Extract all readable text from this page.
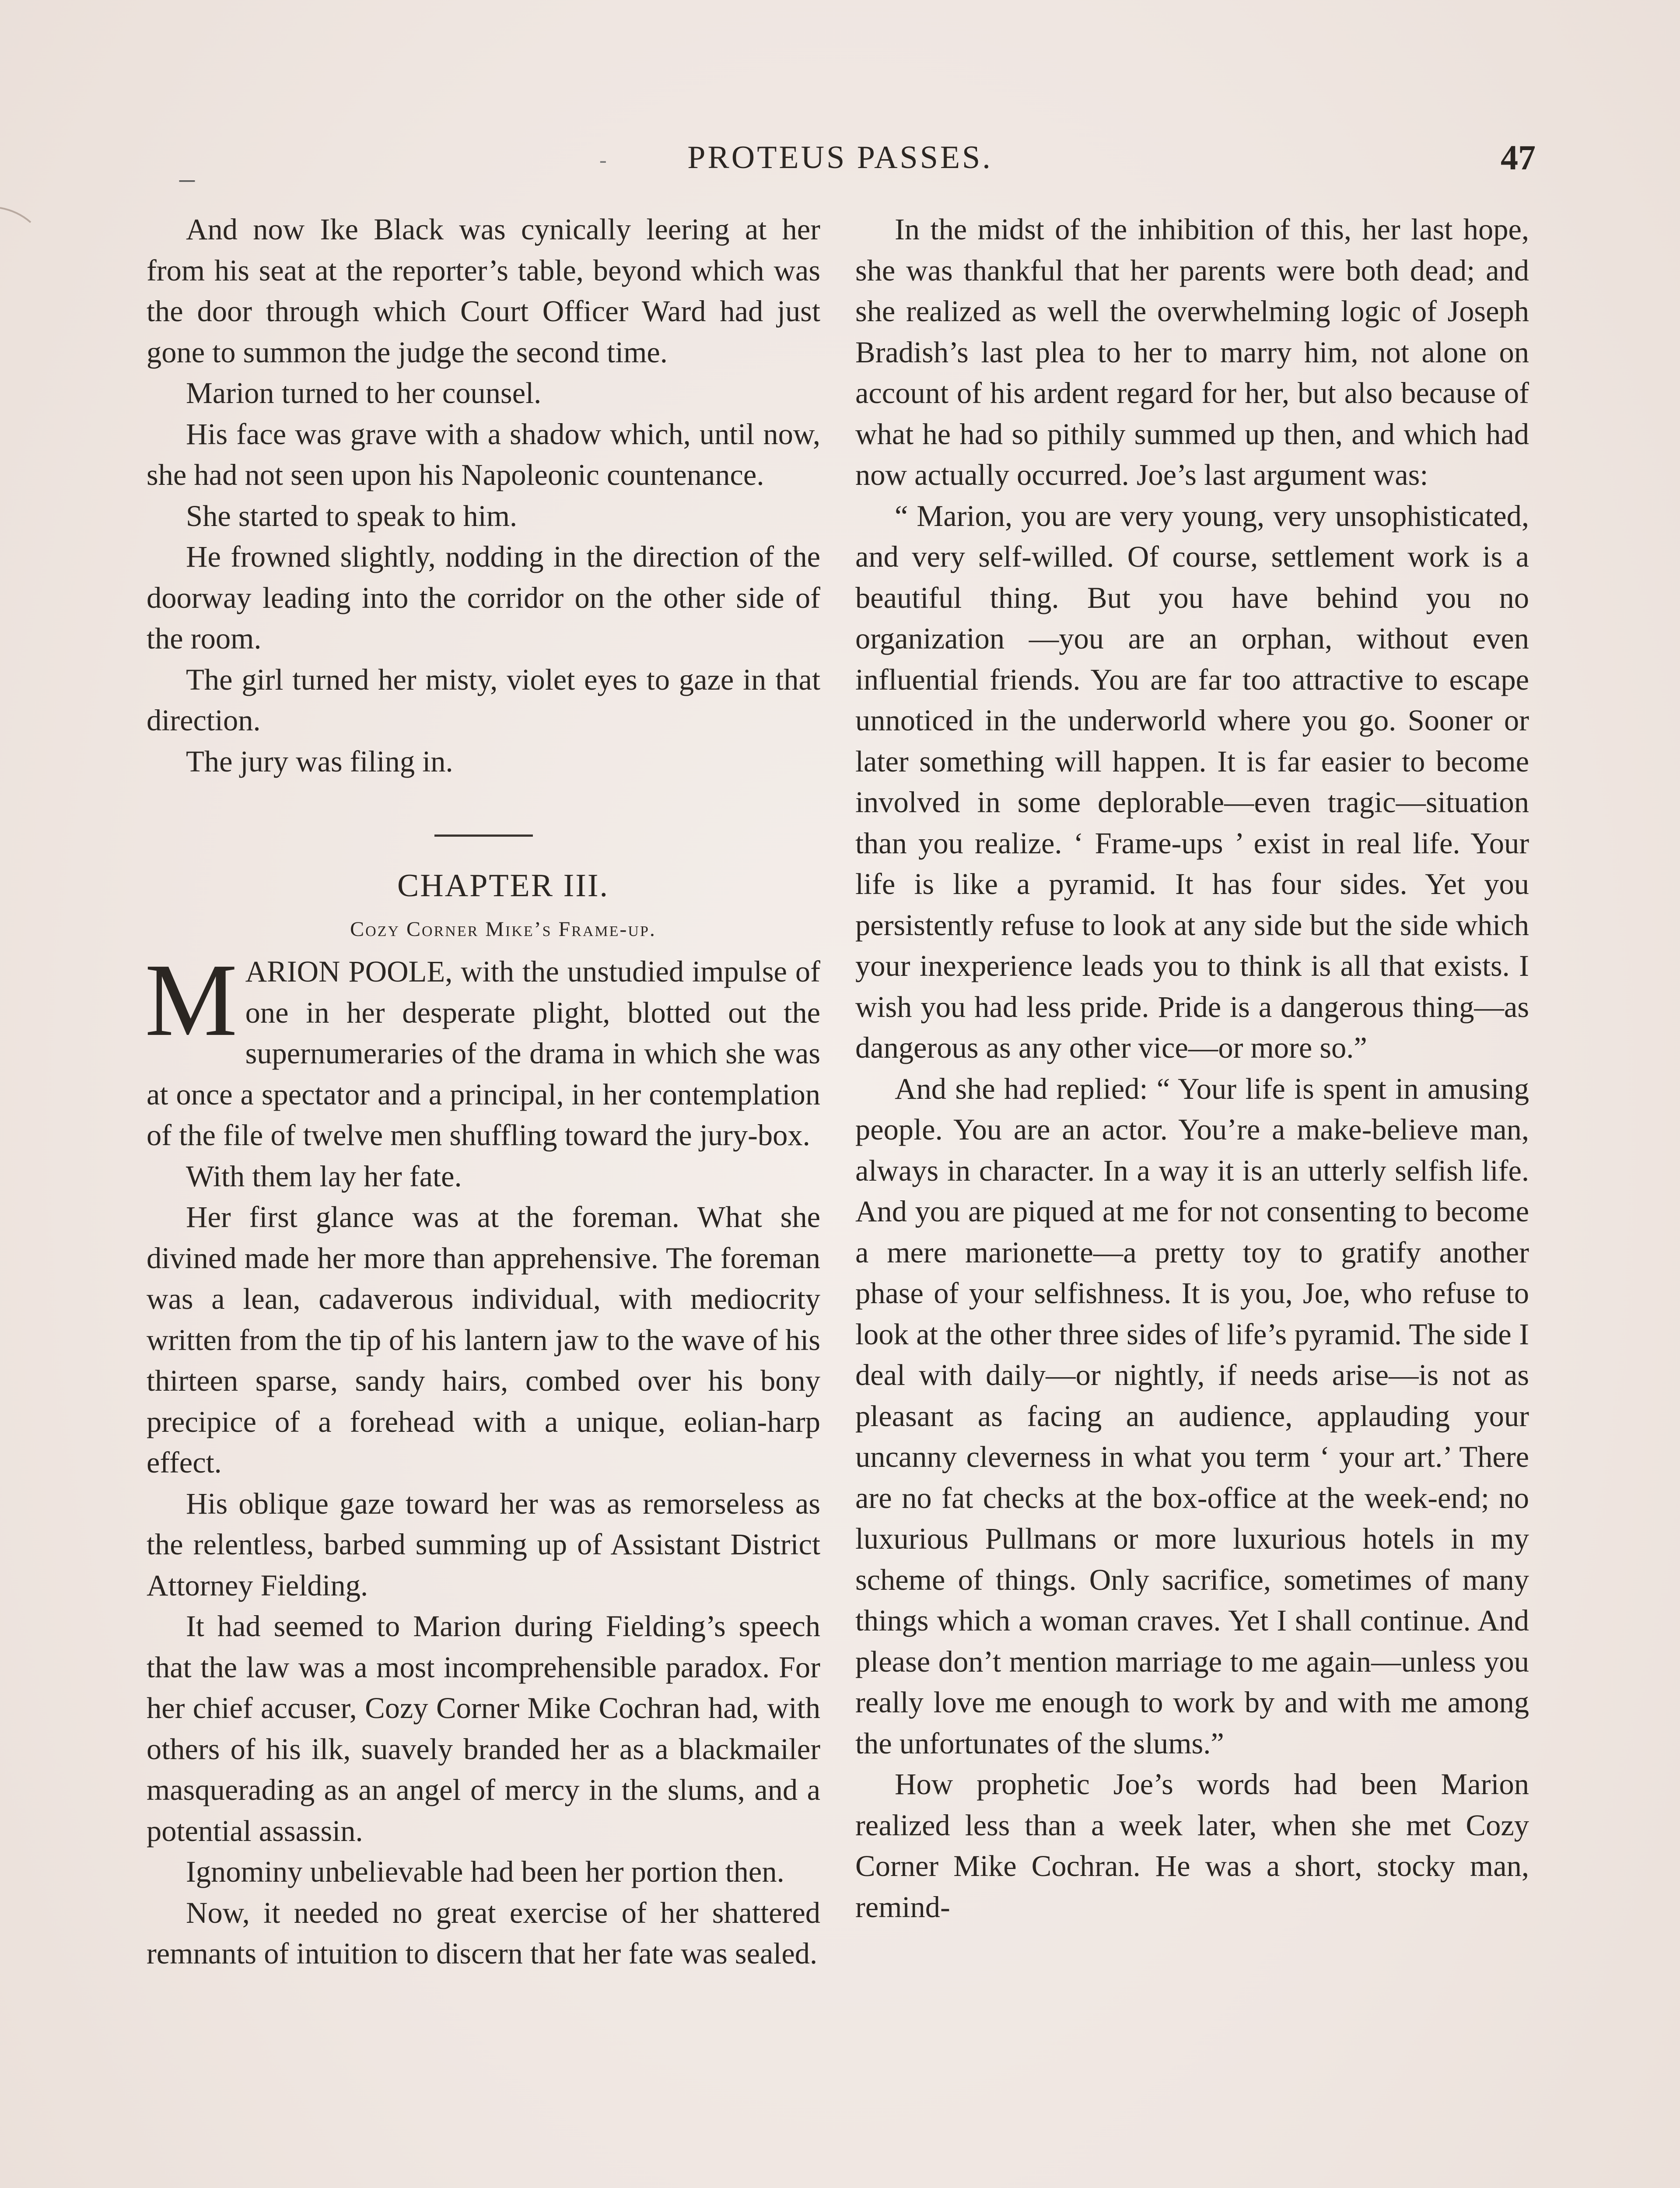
–
-	PROTEUS PASSES.	47

And now Ike Black was cynically leering at her from his seat at the reporter’s table, beyond which was the door through which Court Officer Ward had just gone to summon the judge the second time.

Marion turned to her counsel.

His face was grave with a shadow which, until now, she had not seen upon his Napoleonic countenance.

She started to speak to him.

He frowned slightly, nodding in the direction of the doorway leading into the corridor on the other side of the room.

The girl turned her misty, violet eyes to gaze in that direction.

The jury was filing in.

CHAPTER III.

Cozy Corner Mike’s Frame-up.

MARION POOLE, with the unstudied impulse of one in her desperate plight, blotted out the supernumeraries of the drama in which she was at once a spectator and a principal, in her contemplation of the file of twelve men shuffling toward the jury-box.

With them lay her fate.

Her first glance was at the foreman. What she divined made her more than apprehensive. The foreman was a lean, cadaverous individual, with mediocrity written from the tip of his lantern jaw to the wave of his thirteen sparse, sandy hairs, combed over his bony precipice of a forehead with a unique, eolian-harp effect.

His oblique gaze toward her was as remorseless as the relentless, barbed summing up of Assistant District Attorney Fielding.

It had seemed to Marion during Fielding’s speech that the law was a most incomprehensible paradox. For her chief accuser, Cozy Corner Mike Cochran had, with others of his ilk, suavely branded her as a blackmailer masquerading as an angel of mercy in the slums, and a potential assassin.

Ignominy unbelievable had been her portion then.

Now, it needed no great exercise of her shattered remnants of intuition to discern that her fate was sealed.

In the midst of the inhibition of this, her last hope, she was thankful that her parents were both dead; and she realized as well the overwhelming logic of Joseph Bradish’s last plea to her to marry him, not alone on account of his ardent regard for her, but also because of what he had so pithily summed up then, and which had now actually occurred. Joe’s last argument was:

“ Marion, you are very young, very unsophisticated, and very self-willed. Of course, settlement work is a beautiful thing. But you have behind you no organization —you are an orphan, without even influential friends. You are far too attractive to escape unnoticed in the underworld where you go. Sooner or later something will happen. It is far easier to become involved in some deplorable—even tragic—situation than you realize. ‘ Frame-ups ’ exist in real life. Your life is like a pyramid. It has four sides. Yet you persistently refuse to look at any side but the side which your inexperience leads you to think is all that exists. I wish you had less pride. Pride is a dangerous thing—as dangerous as any other vice—or more so.”

And she had replied: “ Your life is spent in amusing people. You are an actor. You’re a make-believe man, always in character. In a way it is an utterly selfish life. And you are piqued at me for not consenting to become a mere marionette—a pretty toy to gratify another phase of your selfishness. It is you, Joe, who refuse to look at the other three sides of life’s pyramid. The side I deal with daily—or nightly, if needs arise—is not as pleasant as facing an audience, applauding your uncanny cleverness in what you term ‘ your art.’ There are no fat checks at the box-office at the week-end; no luxurious Pullmans or more luxurious hotels in my scheme of things. Only sacrifice, sometimes of many things which a woman craves. Yet I shall continue. And please don’t mention marriage to me again—unless you really love me enough to work by and with me among the unfortunates of the slums.”

How prophetic Joe’s words had been Marion realized less than a week later, when she met Cozy Corner Mike Cochran. He was a short, stocky man, remind-
